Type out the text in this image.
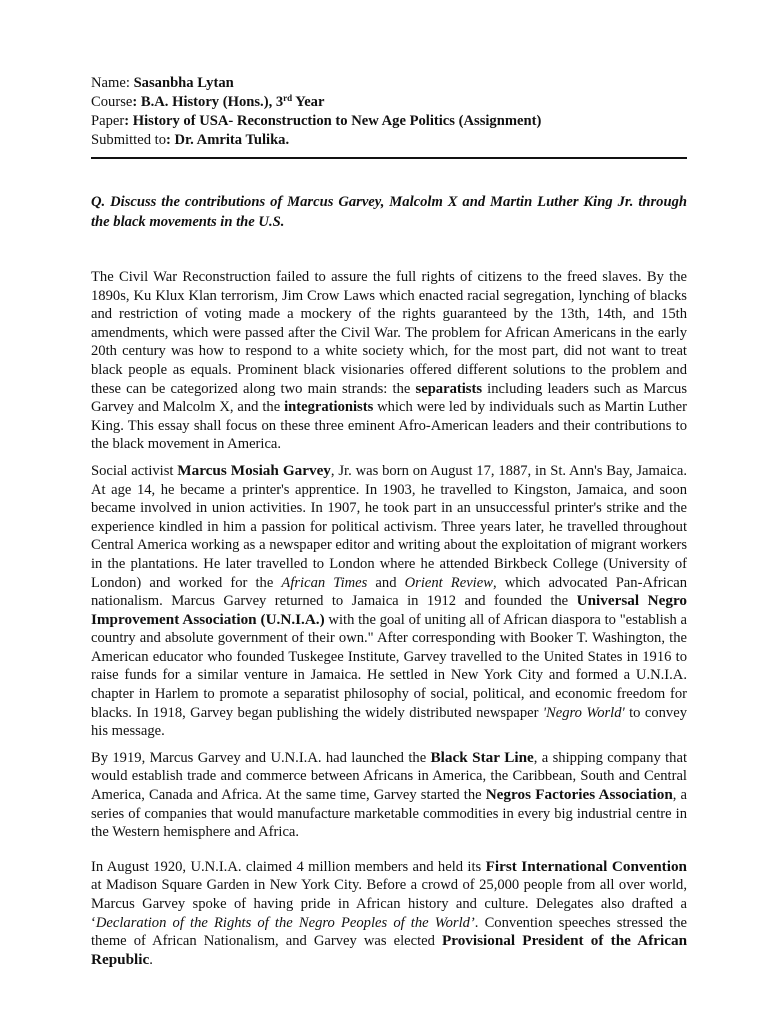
Name: Sasanbha Lytan
Course: B.A. History (Hons.), 3rd Year
Paper: History of USA- Reconstruction to New Age Politics (Assignment)
Submitted to: Dr. Amrita Tulika.
Q. Discuss the contributions of Marcus Garvey, Malcolm X and Martin Luther King Jr. through the black movements in the U.S.

The Civil War Reconstruction failed to assure the full rights of citizens to the freed slaves. By the 1890s, Ku Klux Klan terrorism, Jim Crow Laws which enacted racial segregation, lynching of blacks and restriction of voting made a mockery of the rights guaranteed by the 13th, 14th, and 15th amendments, which were passed after the Civil War. The problem for African Americans in the early 20th century was how to respond to a white society which, for the most part, did not want to treat black people as equals. Prominent black visionaries offered different solutions to the problem and these can be categorized along two main strands: the separatists including leaders such as Marcus Garvey and Malcolm X, and the integrationists which were led by individuals such as Martin Luther King. This essay shall focus on these three eminent Afro-American leaders and their contributions to the black movement in America.

Social activist Marcus Mosiah Garvey, Jr. was born on August 17, 1887, in St. Ann's Bay, Jamaica. At age 14, he became a printer's apprentice. In 1903, he travelled to Kingston, Jamaica, and soon became involved in union activities. In 1907, he took part in an unsuccessful printer's strike and the experience kindled in him a passion for political activism. Three years later, he travelled throughout Central America working as a newspaper editor and writing about the exploitation of migrant workers in the plantations. He later travelled to London where he attended Birkbeck College (University of London) and worked for the African Times and Orient Review, which advocated Pan-African nationalism. Marcus Garvey returned to Jamaica in 1912 and founded the Universal Negro Improvement Association (U.N.I.A.) with the goal of uniting all of African diaspora to "establish a country and absolute government of their own." After corresponding with Booker T. Washington, the American educator who founded Tuskegee Institute, Garvey travelled to the United States in 1916 to raise funds for a similar venture in Jamaica. He settled in New York City and formed a U.N.I.A. chapter in Harlem to promote a separatist philosophy of social, political, and economic freedom for blacks. In 1918, Garvey began publishing the widely distributed newspaper 'Negro World' to convey his message.

By 1919, Marcus Garvey and U.N.I.A. had launched the Black Star Line, a shipping company that would establish trade and commerce between Africans in America, the Caribbean, South and Central America, Canada and Africa. At the same time, Garvey started the Negros Factories Association, a series of companies that would manufacture marketable commodities in every big industrial centre in the Western hemisphere and Africa.

In August 1920, U.N.I.A. claimed 4 million members and held its First International Convention at Madison Square Garden in New York City. Before a crowd of 25,000 people from all over world, Marcus Garvey spoke of having pride in African history and culture. Delegates also drafted a ‘Declaration of the Rights of the Negro Peoples of the World’. Convention speeches stressed the theme of African Nationalism, and Garvey was elected Provisional President of the African Republic.
